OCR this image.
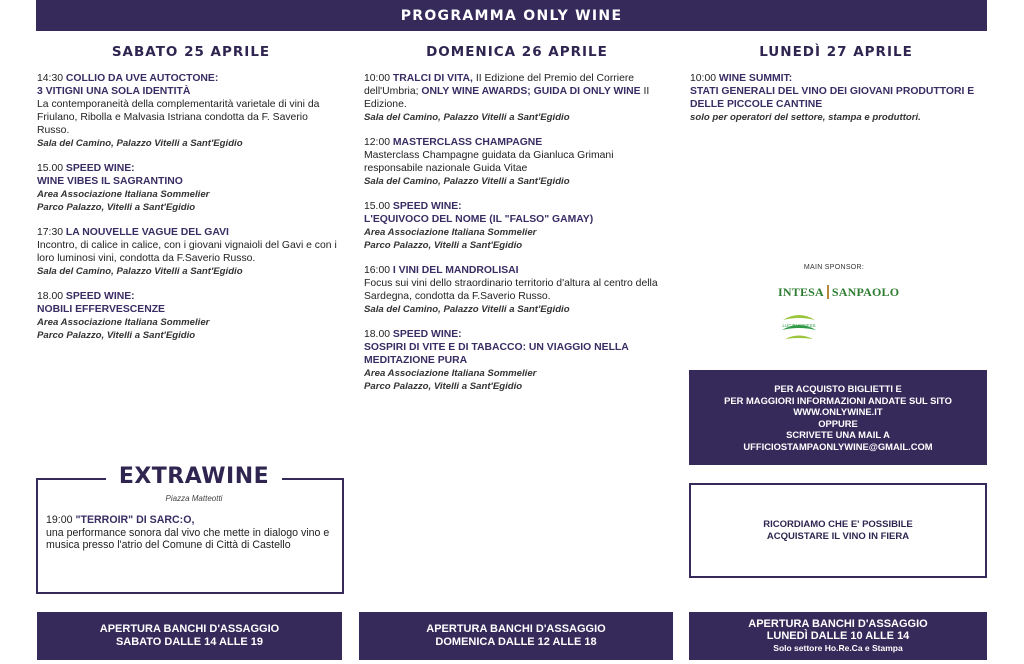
PROGRAMMA ONLY WINE
SABATO 25 APRILE	DOMENICA 26 APRILE	LUNEDÌ 27 APRILE
14:30 COLLIO DA UVE AUTOCTONE:
3 VITIGNI UNA SOLA IDENTITÀ
La contemporaneità della complementarità varietale di vini da Friulano, Ribolla e Malvasia Istriana condotta da F. Saverio Russo.
Sala del Camino, Palazzo Vitelli a Sant'Egidio
15.00 SPEED WINE:
WINE VIBES IL SAGRANTINO
Area Associazione Italiana Sommelier
Parco Palazzo, Vitelli a Sant'Egidio
17:30 LA NOUVELLE VAGUE DEL GAVI
Incontro, di calice in calice, con i giovani vignaioli del Gavi e con i loro luminosi vini, condotta da F.Saverio Russo.
Sala del Camino, Palazzo Vitelli a Sant'Egidio
18.00 SPEED WINE:
NOBILI EFFERVESCENZE
Area Associazione Italiana Sommelier
Parco Palazzo, Vitelli a Sant'Egidio
10:00 TRALCI DI VITA, II Edizione del Premio del Corriere dell'Umbria; ONLY WINE AWARDS; GUIDA DI ONLY WINE II Edizione.
Sala del Camino, Palazzo Vitelli a Sant'Egidio
12:00 MASTERCLASS CHAMPAGNE
Masterclass Champagne guidata da Gianluca Grimani responsabile nazionale Guida Vitae
Sala del Camino, Palazzo Vitelli a Sant'Egidio
15.00 SPEED WINE:
L'EQUIVOCO DEL NOME (IL "FALSO" GAMAY)
Area Associazione Italiana Sommelier
Parco Palazzo, Vitelli a Sant'Egidio
16:00 I VINI DEL MANDROLISAI
Focus sui vini dello straordinario territorio d'altura al centro della Sardegna, condotta da F.Saverio Russo.
Sala del Camino, Palazzo Vitelli a Sant'Egidio
18.00 SPEED WINE:
SOSPIRI DI VITE E DI TABACCO: UN VIAGGIO NELLA MEDITAZIONE PURA
Area Associazione Italiana Sommelier
Parco Palazzo, Vitelli a Sant'Egidio
10:00 WINE SUMMIT:
STATI GENERALI DEL VINO DEI GIOVANI PRODUTTORI E DELLE PICCOLE CANTINE
solo per operatori del settore, stampa e produttori.
MAIN SPONSOR:
INTESA SANPAOLO
LUCIBUSINESS
PER ACQUISTO BIGLIETTI E
PER MAGGIORI INFORMAZIONI ANDATE SUL SITO
WWW.ONLYWINE.IT
OPPURE
SCRIVETE UNA MAIL A
UFFICIOSTAMPAONLYWINE@GMAIL.COM
RICORDIAMO CHE E' POSSIBILE
ACQUISTARE IL VINO IN FIERA
EXTRAWINE
Piazza Matteotti
19:00 "TERROIR" DI SARC:O,
una performance sonora dal vivo che mette in dialogo vino e musica presso l'atrio del Comune di Città di Castello
APERTURA BANCHI D'ASSAGGIO
SABATO DALLE 14 ALLE 19
APERTURA BANCHI D'ASSAGGIO
DOMENICA DALLE 12 ALLE 18
APERTURA BANCHI D'ASSAGGIO
LUNEDÌ DALLE 10 ALLE 14
Solo settore Ho.Re.Ca e Stampa
